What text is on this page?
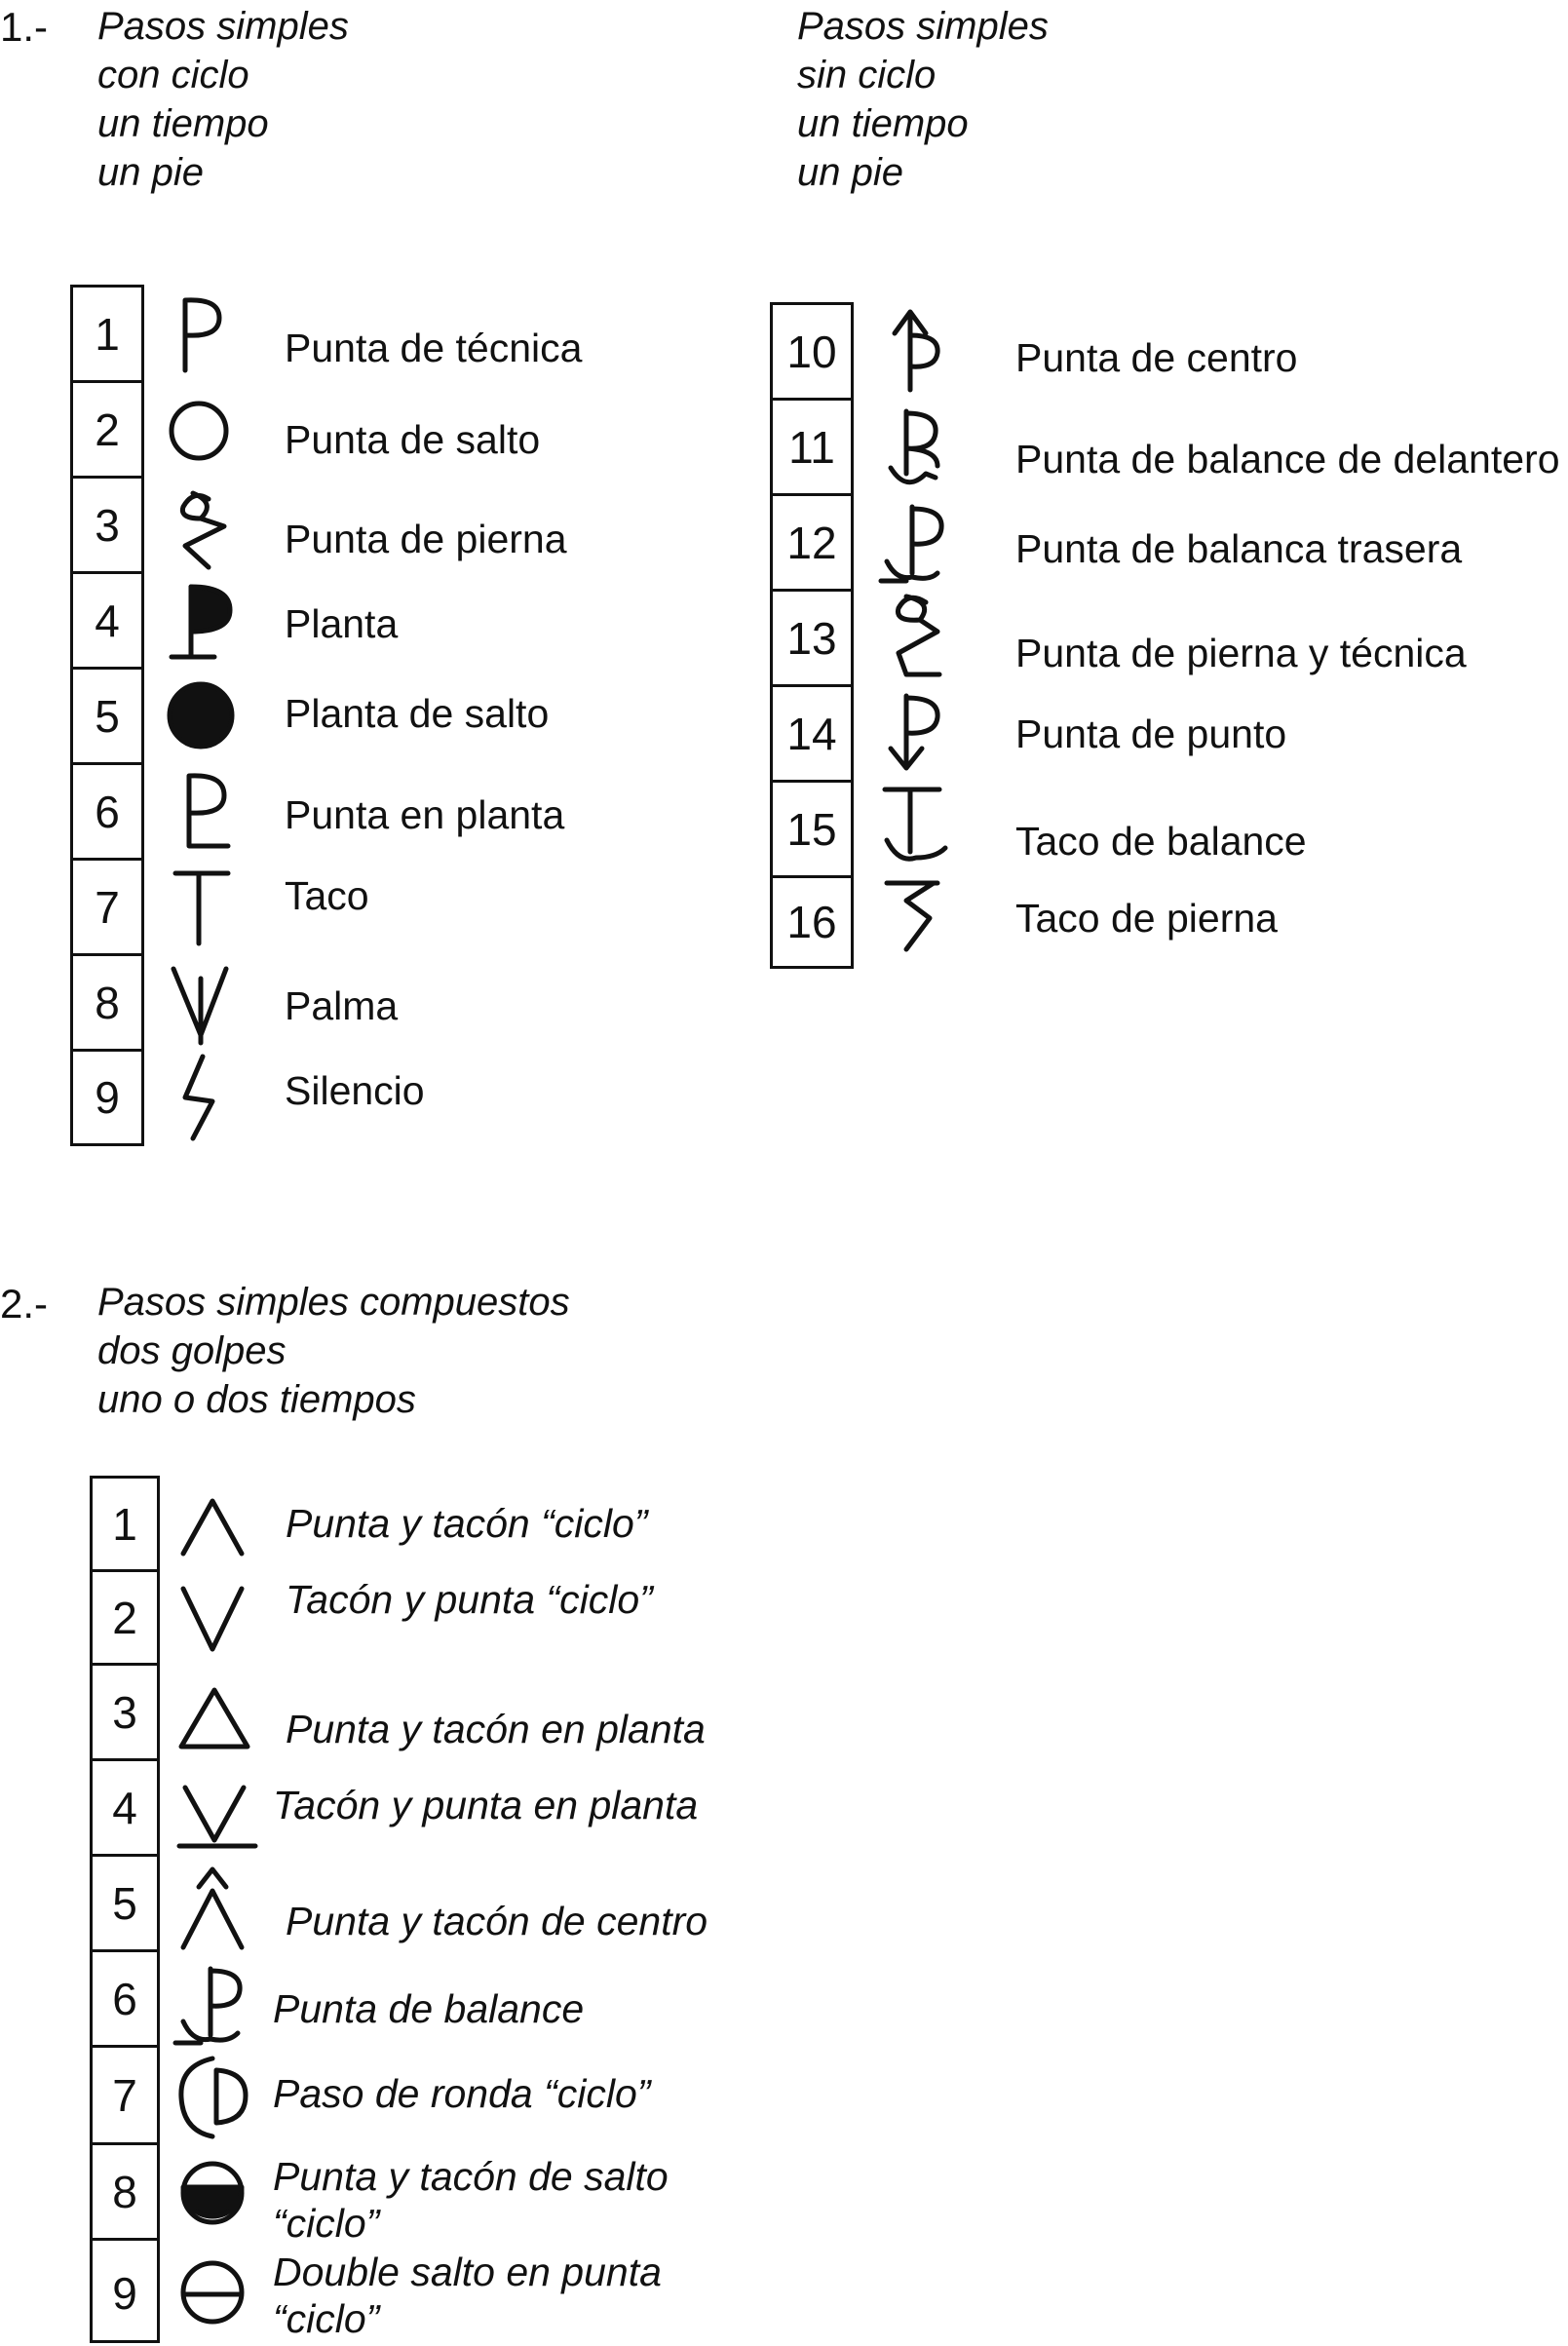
1.- Pasos simples
con ciclo
un tiempo
un pie
Pasos simples
sin ciclo
un tiempo
un pie
1
2
3
4
5
6
7
8
9
Punta de técnica
Punta de salto
Punta de pierna
Planta
Planta de salto
Punta en planta
Taco
Palma
Silencio
10
11
12
13
14
15
16
Punta de centro
Punta de balance de delantero
Punta de balanca trasera
Punta de pierna y técnica
Punta de punto
Taco de balance
Taco de pierna
2.- Pasos simples compuestos
dos golpes
uno o dos tiempos
1
2
3
4
5
6
7
8
9
Punta y tacón “ciclo”
Tacón y punta “ciclo”
Punta y tacón en planta
Tacón y punta en planta
Punta y tacón de centro
Punta de balance
Paso de ronda “ciclo”
Punta y tacón de salto
“ciclo”
Double salto en punta
“ciclo”
